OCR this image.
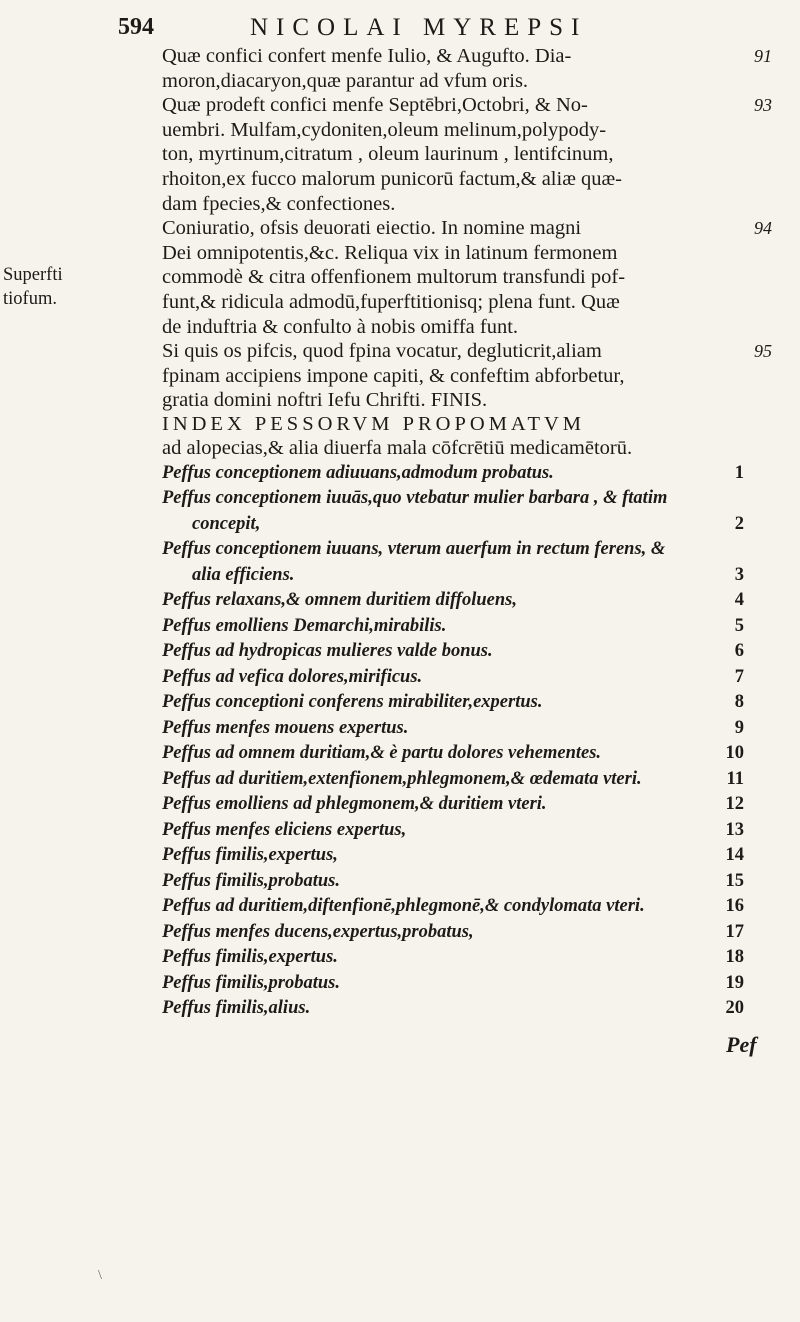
594	NICOLAI MYREPSI
Superfti
tiofum.
Quæ confici confert menfe Iulio, & Augufto. Dia-	91
moron,diacaryon,quæ parantur ad vfum oris.
Quæ prodeft confici menfe Septēbri,Octobri, & No-	93
uembri. Mulfam,cydoniten,oleum melinum,polypody-
ton, myrtinum,citratum , oleum laurinum , lentifcinum,
rhoiton,ex fucco malorum punicorū factum,& aliæ quæ-
dam fpecies,& confectiones.
Coniuratio, ofsis deuorati eiectio. In nomine magni	94
Dei omnipotentis,&c. Reliqua vix in latinum fermonem
commodè & citra offenfionem multorum transfundi pof-
funt,& ridicula admodū,fuperftitionisq; plena funt. Quæ
de induftria & confulto à nobis omiffa funt.
Si quis os pifcis, quod fpina vocatur, degluticrit,aliam	95
fpinam accipiens impone capiti, & confeftim abforbetur,
gratia domini noftri Iefu Chrifti. FINIS.
INDEX PESSORVM PROPOMATVM
ad alopecias,& alia diuerfa mala cōfcrētiū medicamētorū.
Peffus conceptionem adiuuans,admodum probatus.	1
Peffus conceptionem iuuās,quo vtebatur mulier barbara , & ftatim
concepit,	2
Peffus conceptionem iuuans, vterum auerfum in rectum ferens, &
alia efficiens.	3
Peffus relaxans,& omnem duritiem diffoluens,	4
Peffus emolliens Demarchi,mirabilis.	5
Peffus ad hydropicas mulieres valde bonus.	6
Peffus ad vefica dolores,mirificus.	7
Peffus conceptioni conferens mirabiliter,expertus.	8
Peffus menfes mouens expertus.	9
Peffus ad omnem duritiam,& è partu dolores vehementes.	10
Peffus ad duritiem,extenfionem,phlegmonem,& œdemata vteri.	11
Peffus emolliens ad phlegmonem,& duritiem vteri.	12
Peffus menfes eliciens expertus,	13
Peffus fimilis,expertus,	14
Peffus fimilis,probatus.	15
Peffus ad duritiem,diftenfionē,phlegmonē,& condylomata vteri.	16
Peffus menfes ducens,expertus,probatus,	17
Peffus fimilis,expertus.	18
Peffus fimilis,probatus.	19
Peffus fimilis,alius.	20
Pef
\
